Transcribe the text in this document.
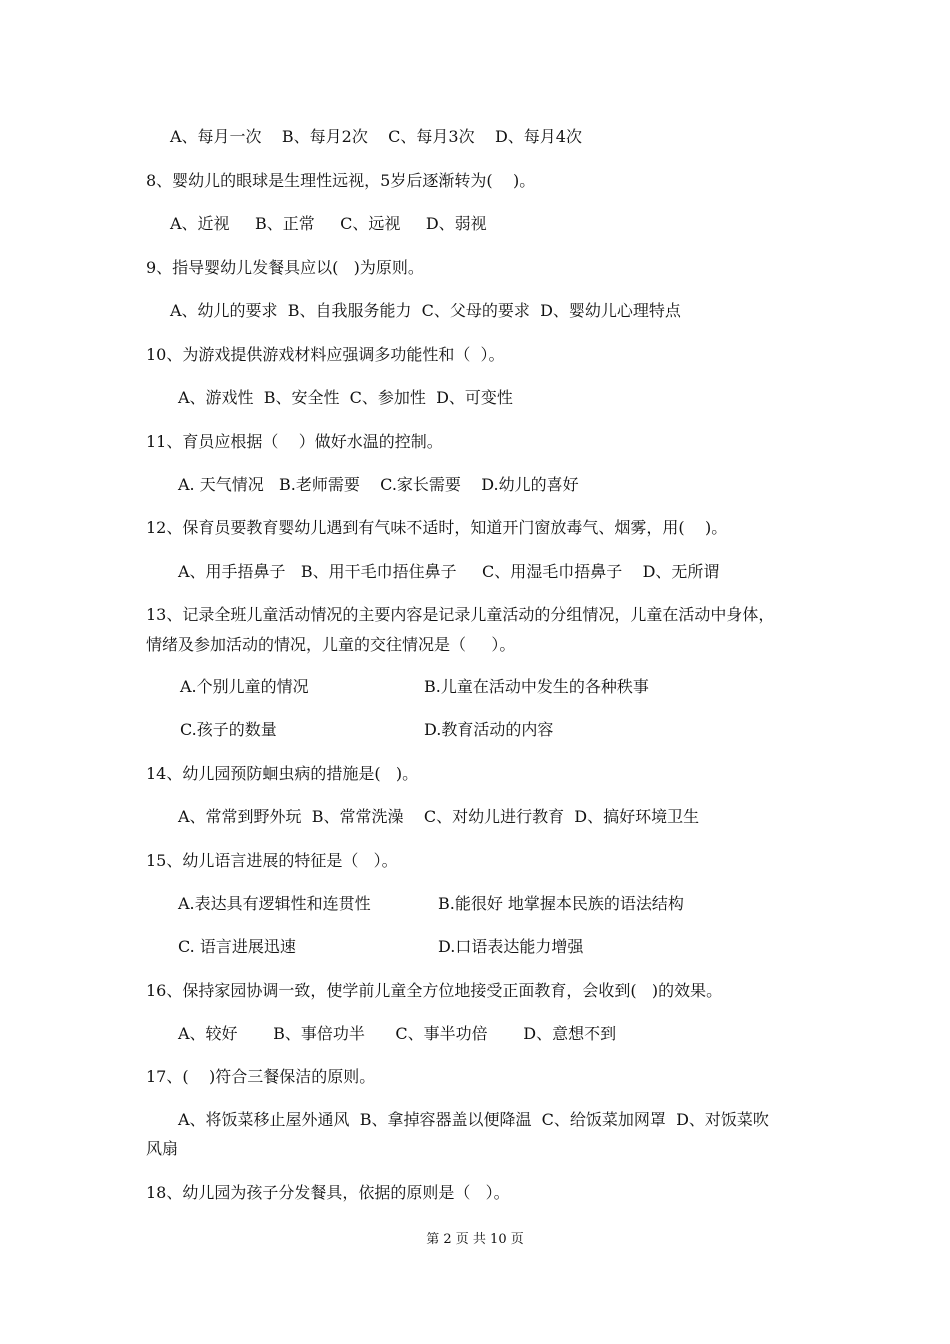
A、每月一次    B、每月2次    C、每月3次    D、每月4次
8、婴幼儿的眼球是生理性远视，5岁后逐渐转为(    )。
A、近视     B、正常     C、远视     D、弱视
9、指导婴幼儿发餐具应以(   )为原则。
A、幼儿的要求  B、自我服务能力  C、父母的要求  D、婴幼儿心理特点
10、为游戏提供游戏材料应强调多功能性和（  ）。
A、游戏性  B、安全性  C、参加性  D、可变性
11、育员应根据（    ）做好水温的控制。
A. 天气情况   B.老师需要    C.家长需要    D.幼儿的喜好
12、保育员要教育婴幼儿遇到有气味不适时，知道开门窗放毒气、烟雾，用(    )。
A、用手捂鼻子   B、用干毛巾捂住鼻子     C、用湿毛巾捂鼻子    D、无所谓
13、记录全班儿童活动情况的主要内容是记录儿童活动的分组情况，儿童在活动中身体，
情绪及参加活动的情况，儿童的交往情况是（     ）。
A.个别儿童的情况	B.儿童在活动中发生的各种秩事
C.孩子的数量	D.教育活动的内容
14、幼儿园预防蛔虫病的措施是(   )。
A、常常到野外玩  B、常常洗澡    C、对幼儿进行教育  D、搞好环境卫生
15、幼儿语言进展的特征是（   ）。
A.表达具有逻辑性和连贯性	B.能很好 地掌握本民族的语法结构
C. 语言进展迅速	D.口语表达能力增强
16、保持家园协调一致，使学前儿童全方位地接受正面教育，会收到(   )的效果。
A、较好       B、事倍功半      C、事半功倍       D、意想不到
17、(    )符合三餐保洁的原则。
A、将饭菜移止屋外通风  B、拿掉容器盖以便降温  C、给饭菜加网罩  D、对饭菜吹
风扇
18、幼儿园为孩子分发餐具，依据的原则是（   ）。
第 2 页 共 10 页
